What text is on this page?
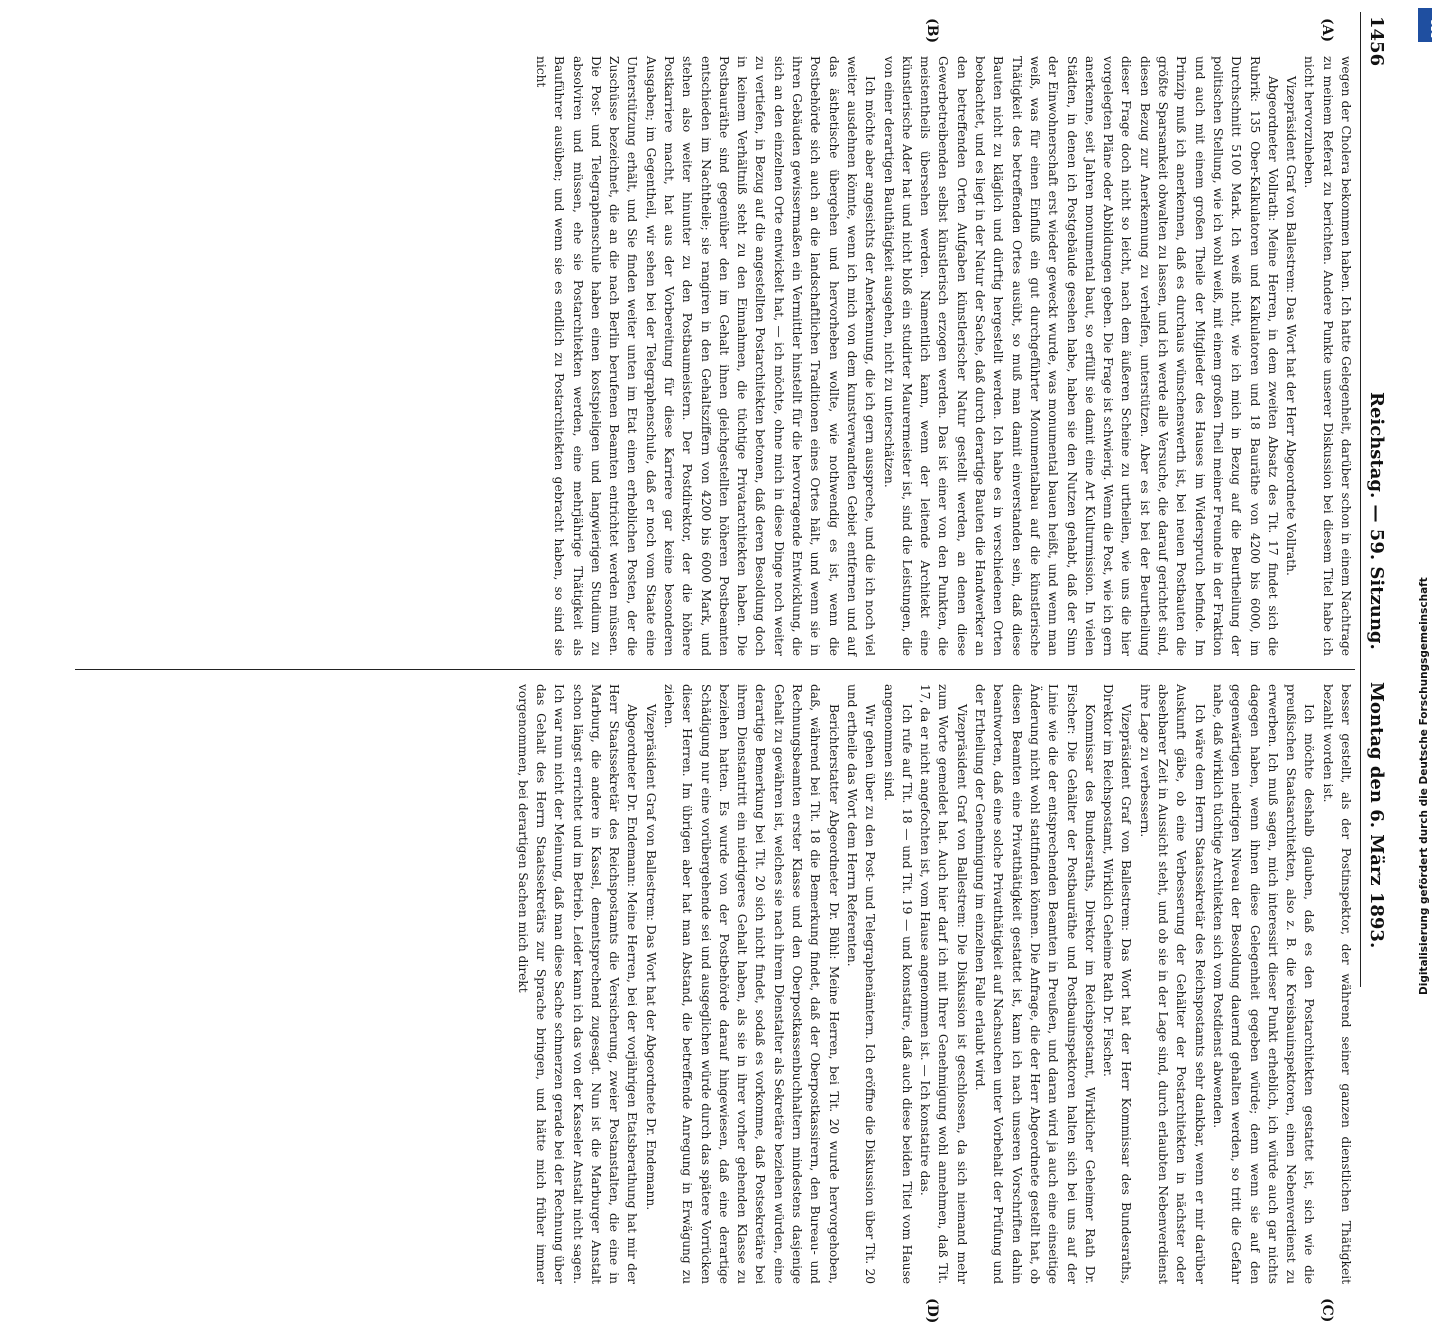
1456
Reichstag. — 59. Sitzung.
Montag den 6. März 1893.
(A)
(B)

wegen der Cholera bekommen haben. Ich hatte Gelegenheit, darüber schon in einem Nachtrage zu meinem Referat zu berichten. Andere Punkte unserer Diskussion bei diesem Titel habe ich nicht hervorzuheben.

Vizepräsident Graf von Ballestrem: Das Wort hat der Herr Abgeordnete Vollrath.

Abgeordneter Vollrath: Meine Herren, in dem zweiten Absatz des Tit. 17 findet sich die Rubrik: 135 Ober-Kalkulatoren und Kalkulatoren und 18 Bauräthe von 4200 bis 6000, im Durchschnitt 5100 Mark. Ich weiß nicht, wie ich mich in Bezug auf die Beurtheilung der politischen Stellung, wie ich wohl weiß, mit einem großen Theil meiner Freunde in der Fraktion und auch mit einem großen Theile der Mitglieder des Hauses im Widerspruch befinde. Im Prinzip muß ich anerkennen, daß es durchaus wünschenswerth ist, bei neuen Postbauten die größte Sparsamkeit obwalten zu lassen, und ich werde alle Versuche, die darauf gerichtet sind, diesen Bezug zur Anerkennung zu verhelfen, unterstützen. Aber es ist bei der Beurtheilung dieser Frage doch nicht so leicht, nach dem äußeren Scheine zu urtheilen, wie uns die hier vorgelegten Pläne oder Abbildungen geben. Die Frage ist schwierig. Wenn die Post, wie ich gern anerkenne, seit Jahren monumental baut, so erfüllt sie damit eine Art Kulturmission. In vielen Städten, in denen ich Postgebäude gesehen habe, haben sie den Nutzen gehabt, daß der Sinn der Einwohnerschaft erst wieder geweckt wurde, was monumental bauen heißt, und wenn man weiß, was für einen Einfluß ein gut durchgeführter Monumentalbau auf die künstlerische Thätigkeit des betreffenden Ortes ausübt, so muß man damit einverstanden sein, daß diese Bauten nicht zu kläglich und dürftig hergestellt werden. Ich habe es in verschiedenen Orten beobachtet, und es liegt in der Natur der Sache, daß durch derartige Bauten die Handwerker an den betreffenden Orten Aufgaben künstlerischer Natur gestellt werden, an denen diese Gewerbetreibenden selbst künstlerisch erzogen werden. Das ist einer von den Punkten, die meistentheils übersehen werden. Namentlich kann, wenn der leitende Architekt eine künstlerische Ader hat und nicht bloß ein studirter Maurermeister ist, sind die Leistungen, die von einer derartigen Bauthätigkeit ausgehen, nicht zu unterschätzen.

Ich möchte aber angesichts der Anerkennung, die ich gern ausspreche, und die ich noch viel weiter ausdehnen könnte, wenn ich mich von dem kunstverwandten Gebiet entfernen und auf das ästhetische übergehen und hervorheben wollte, wie nothwendig es ist, wenn die Postbehörde sich auch an die landschaftlichen Traditionen eines Ortes hält, und wenn sie in ihren Gebäuden gewissermaßen ein Vermittler hinstellt für die hervorragende Entwicklung, die sich an den einzelnen Orte entwickelt hat, — ich möchte, ohne mich in diese Dinge noch weiter zu vertiefen, in Bezug auf die angestellten Postarchitekten betonen, daß deren Besoldung doch in keinem Verhältniß steht zu den Einnahmen, die tüchtige Privatarchitekten haben. Die Postbauräthe sind gegenüber den im Gehalt ihnen gleichgestellten höheren Postbeamten entschieden im Nachtheile; sie rangiren in den Gehaltsziffern von 4200 bis 6000 Mark, und stehen also weiter hinunter zu den Postbaumeistern. Der Postdirektor, der die höhere Postkarriere macht, hat aus der Vorbereitung für diese Karriere gar keine besonderen Ausgaben; im Gegentheil, wir sehen bei der Telegraphenschule, daß er noch vom Staate eine Unterstützung erhält, und Sie finden weiter unten im Etat einen erheblichen Posten, der die Zuschüsse bezeichnet, die an die nach Berlin berufenen Beamten entrichtet werden müssen. Die Post- und Telegraphenschule haben einen kostspieligen und langwierigen Studium zu absolviren und müssen, ehe sie Postarchitekten werden, eine mehrjährige Thätigkeit als Bauführer ausüben; und wenn sie es endlich zu Postarchitekten gebracht haben, so sind sie nicht

besser gestellt, als der Postinspektor, der während seiner ganzen dienstlichen Thätigkeit bezahlt worden ist.

Ich möchte deshalb glauben, daß es den Postarchitekten gestattet ist, sich wie die preußischen Staatsarchitekten, also z. B. die Kreisbauinspektoren, einen Nebenverdienst zu erwerben. Ich muß sagen, mich interessirt dieser Punkt erheblich, ich würde auch gar nichts dagegen haben, wenn ihnen diese Gelegenheit gegeben würde; denn wenn sie auf den gegenwärtigen niedrigen Niveau der Besoldung dauernd gehalten werden, so tritt die Gefahr nahe, daß wirklich tüchtige Architekten sich vom Postdienst abwenden.

Ich wäre dem Herrn Staatssekretär des Reichspostamts sehr dankbar, wenn er mir darüber Auskunft gäbe, ob eine Verbesserung der Gehälter der Postarchitekten in nächster oder absehbarer Zeit in Aussicht steht, und ob sie in der Lage sind, durch erlaubten Nebenverdienst ihre Lage zu verbessern.

Vizepräsident Graf von Ballestrem: Das Wort hat der Herr Kommissar des Bundesraths, Direktor im Reichspostamt, Wirklich Geheime Rath Dr. Fischer.

Kommissar des Bundesraths, Direktor im Reichspostamt, Wirklicher Geheimer Rath Dr. Fischer: Die Gehälter der Postbauräthe und Postbauinspektoren halten sich bei uns auf der Linie wie die der entsprechenden Beamten in Preußen, und daran wird ja auch eine einseitige Änderung nicht wohl stattfinden können. Die Anfrage, die der Herr Abgeordnete gestellt hat, ob diesen Beamten eine Privatthätigkeit gestattet ist, kann ich nach unseren Vorschriften dahin beantworten, daß eine solche Privatthätigkeit auf Nachsuchen unter Vorbehalt der Prüfung und der Ertheilung der Genehmigung im einzelnen Falle erlaubt wird.

Vizepräsident Graf von Ballestrem: Die Diskussion ist geschlossen, da sich niemand mehr zum Worte gemeldet hat. Auch hier darf ich mit Ihrer Genehmigung wohl annehmen, daß Tit. 17, da er nicht angefochten ist, vom Hause angenommen ist. — Ich konstatire das.

Ich rufe auf Tit. 18 — und Tit. 19 — und konstatire, daß auch diese beiden Titel vom Hause angenommen sind.

Wir gehen über zu den Post- und Telegraphenämtern. Ich eröffne die Diskussion über Tit. 20 und ertheile das Wort dem Herrn Referenten.

Berichterstatter Abgeordneter Dr. Bühl: Meine Herren, bei Tit. 20 wurde hervorgehoben, daß, während bei Tit. 18 die Bemerkung findet, daß der Oberpostkassirern, den Bureau- und Rechnungsbeamten erster Klasse und den Oberpostkassenbuchhaltern mindestens dasjenige Gehalt zu gewähren ist, welches sie nach ihrem Dienstalter als Sekretäre beziehen würden, eine derartige Bemerkung bei Tit. 20 sich nicht findet, sodaß es vorkomme, daß Postsekretäre bei ihrem Dienstantritt ein niedrigeres Gehalt haben, als sie in ihrer vorher gehenden Klasse zu beziehen hatten. Es wurde von der Postbehörde darauf hingewiesen, daß eine derartige Schädigung nur eine vorübergehende sei und ausgeglichen würde durch das spätere Vorrücken dieser Herren. Im übrigen aber hat man Abstand, die betreffende Anregung in Erwägung zu ziehen.

Vizepräsident Graf von Ballestrem: Das Wort hat der Abgeordnete Dr. Endemann.

Abgeordneter Dr. Endemann: Meine Herren, bei der vorjährigen Etatsberathung hat mir der Herr Staatssekretär des Reichspostamts die Versicherung, zweier Postanstalten, die eine in Marburg, die andere in Kassel, dementsprechend zugesagt. Nun ist die Marburger Anstalt schon längst errichtet und im Betrieb. Leider kann ich das von der Kasseler Anstalt nicht sagen. Ich war nun nicht der Meinung, daß man diese Sache schmerzen gerade bei der Rechnung über das Gehalt des Herrn Staatssekretärs zur Sprache bringen, und hätte mich früher immer vorgenommen, bei derartigen Sachen mich direkt

(C)
(D)
DFG
Digitalisierung gefördert durch die Deutsche Forschungsgemeinschaft
